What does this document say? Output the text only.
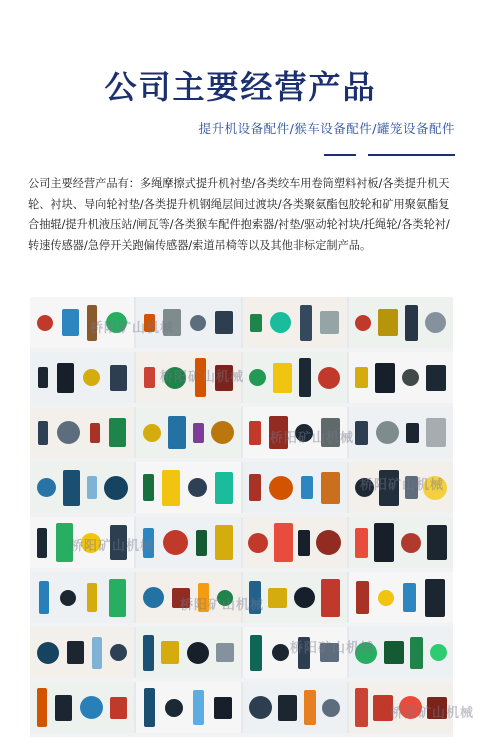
公司主要经营产品
提升机设备配件/猴车设备配件/罐笼设备配件
公司主要经营产品有：多绳摩擦式提升机衬垫/各类绞车用卷筒塑料衬板/各类提升机天轮、衬块、导向轮衬垫/各类提升机钢绳层间过渡块/各类聚氨酯包胶轮和矿用聚氨酯复合抽辊/提升机液压站/闸瓦等/各类猴车配件抱索器/衬垫/驱动轮衬块/托绳轮/各类轮衬/转速传感器/急停开关跑偏传感器/索道吊椅等以及其他非标定制产品。
桥阳矿山机械
桥阳矿山机械
桥阳矿山机械
桥阳矿山机械
桥阳矿山机械
桥阳矿山机械
桥阳矿山机械
桥阳矿山机械
